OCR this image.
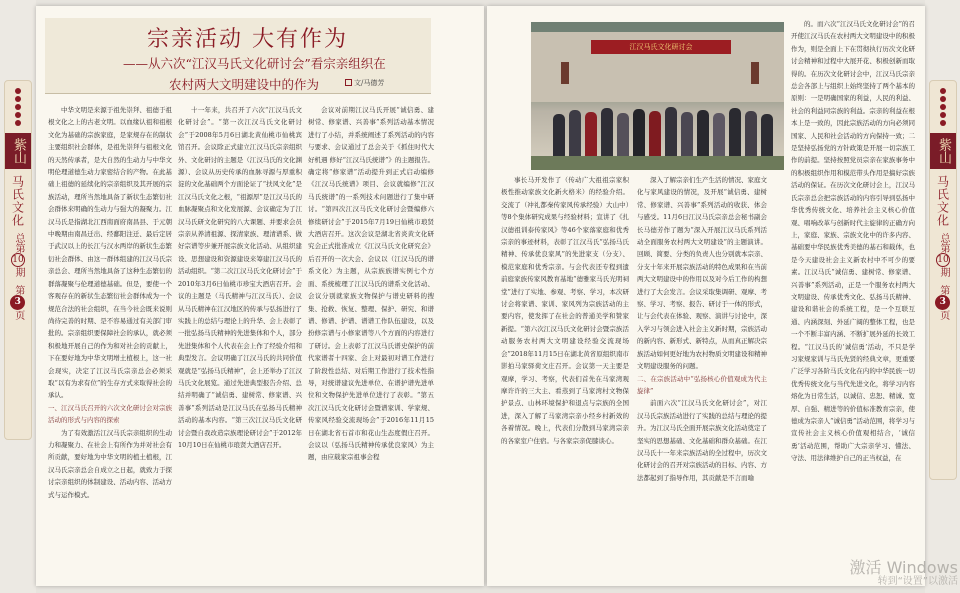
紫山
马氏文化
总第10期
第3页
紫山
马氏文化
总第10期
第3页
宗亲活动 大有作为
——从六次“江汉马氏文化研讨会”看宗亲组织在
农村两大文明建设中的作为	文/马德芳

中华文明是来源于祖先崇拜、祖德于祖根文化之上的古老文明。以血缘认祖和祖根文化为基础的宗族家庭，是家规存在的制状主要组织社会群体，是祖先崇拜与祖根文化的天然传承者，是大自然的生动力与中华文明伦理道德生动力家密结合的产物。在此基础上祖德的延续化的宗亲组织及其开展的宗族活动，理所当然地具备了新状生态繁衍社会群体来明确的生动力与强大的凝聚力。江汉马氏是指湖北江西南面府南昌县、于元朝中晚期由南昌迁出、经鄱阳注迁、最后定居于武汉以上的长江与汉水两岸的新状生态繁衍社会群体、由这一群体组建的江汉马氏宗亲总会、理所当然地具备了这种生态繁衍的群落凝聚与伦理道德基础。但是，要使一个客观存在的新状生态繁衍社会群体成为一个规范合法的社会组织，在当今社会既来说则尚待完善的时期、是不容易通过有关部门审批的。宗亲组织要保障社会的承认，就必须积极地开展自己的作为和对社会的贡献上，下在要好地为中华文明增土植根上，这一社会现实，决定了江汉马氏宗亲总会必须采取“以有为求有位”的生存方式来取得社会的承认。

一、江汉马氏召开的六次文化研讨会对宗族活动的形式与内容的探索

为了有效激活江汉马氏宗亲组织的生动力和凝聚力、在社会上有所作为并对社会有所贡献，要好地为中华文明的植土植根，江汉马氏宗亲总会自成立之日起，就致力于探讨宗亲组织的体制建设、活动内容、活动方式与运作模式。

十一年来，共召开了六次“江汉马氏文化研讨会”。“第一次江汉马氏文化研讨会”于2008年5月6日湖北黄仙桃市仙桃宾馆召开。会议除正式建立江汉马氏宗亲组织外、文化研讨的主题是（江汉马氏的文化渊源）、会议从历史传承的血脉寻源与厚重积淀的文化基础两个方面论证了“扶风文化”是江汉马氏文化之根，“祖源厚”是江汉马氏的血脉凝聚点和文化发展源、会议确定为了江汉马氏研文化研究的八大课题、并要求会员宗亲从养清祖源、探清家族、理清谱系、做好宗谱等步兼开展宗族文化活动、从组织建设、思想建设和资源建设来筹建江汉马氏的活动组织。“第二次江汉马氏文化研讨会”于2010年3月6日仙桃市珍宝大酒店召开。会议的主题是（马氏精神与江汉马氏）、会议从马氏精神在江汉地区的传承与弘扬进行了实践上的总结与理论上的升华、会上表彰了一批弘扬马氏精神的先进集体和个人，部分先进集体和个人代表在会上作了经验介绍和典型发言。会议明确了江汉马氏的共同价值观就是“弘扬马氏精神”，会上还举办了江汉马氏文化展览。通过先进典型报告介绍、总结并明确了“诚信勇、建树常、修家谱、兴善事”系列活动是江汉马氏在弘扬马氏精神活动的基本内容。“第三次江汉马氏文化研讨会暨自我改造宗族理论研讨会”于2012年10月10日在仙桃市琅贤大酒店召开。

会议对前期江汉马氏开展“诚信勇、建树常、修家谱、兴善事”系列活动基本情况进行了小结，并系统阐述了系列活动的内容与要求、会议通过了总会关于《抓住时代大好机遇 修好“江汉马氏统谱”》的主题报告。确定将“修家谱”活动提升到正式启动编修《江汉马氏统谱》项目、会议就编修“江汉马氏统谱”的一系列技术问题进行了集中研讨。“第四次江汉马氏文化研讨会暨编修六修续研讨会”于2015年7月19日仙桃市琅贤大酒店召开。这次会议是湖北省炎黄文化研究会正式批准成立《江汉马氏文化研究会》后召开的一次大会、会议以（江汉马氏的谱系文化）为主题，从宗族族谱实例七个方面、系统梳理了江汉马氏的谱系文化活动、会议分别就家族文物保护与谱史研料的搜集、抢救、恢复、整理、保护、研究、和谱谱、修谱、护谱、谱谱工作队伍建设，以及扮修宗谱与小修家谱等八个方面的内容进行了研讨。会上表彰了江汉马氏谱史保护的前代家谱者十四家、会上对最初对谱工作进行了阶段性总结、对后期工作进行了技术性指导，对统谱建议先进单位、在谱护谱先进单位和文物保护先进单位进行了表彰。“第五次江汉马氏文化研讨会暨谱家训、学家规、传家风经验交流现场会”于2016年11月15日在湖北省石首市和花山生态度假庄召开。会议以（弘扬马氏精神传承优良家风）为主题，由应载家宗祖事会程

江汉马氏文化研讨会

事长马开发作了（传动广大祖祖宗家积极性推动家族文化新火格米）的经验介绍。交流了（冲礼都秦传家风传承经验）大山中）等8个集体研究成果与经验材料；宣讲了《扎汉德祖训泰传家风》等46个家落家庭和优秀宗亲的事迹材料，表彰了江汉马氏“弘扬马氏精神、传承优良家风”的先进家支（分支）、模范家庭和优秀宗亲。与会代表还专程到遗前庭家族传家风教育基地“德雅家马氏光明祠堂”进行了实地、参观、考察、学习，本次研讨会将家谱、家训、家风列为宗族活动的主要内容，使发挥了在社会的普通美学和赞家新提。“第六次江汉马氏文化研讨会暨宗族活动服务农村两大文明建设经验交流现场会”2018年11月15日在湖北黄省原组织南市影拍马家驿荷文庄召开。会议第一天主要是观摩，学习、考察，代表们首先在马家湾观摩许许的三大主、看蒸到了马家湾村文物保护景点、山林环境保护和退点与宗族的全国进，深入了解了马家湾宗亲小经乡村新效的各着情况。晚上，代表们分散到马家湾宗亲的各家室户住宿。与各家宗亲促膝谈心。

深入了解宗亲们生产生活的情况、家庭文化与家风建设的情况，及开展“诚信勇、建树常、修家谱、兴善事”系列活动的收获、体会与感受。11月6日江汉马氏宗亲总会秘书副会长马德芳作了题为“深入开展江汉马氏系列活动全面服务农村两大文明建设”的主题演讲。回顾、简要、分类的负责人也分别就本宗亲、分支十年来开展宗族活动的特色成果和在当前两大文明建设中的作用以及对今后工作的构想进行了大会发言。会议采取集调研、观摩、考察、学习、考察、报告、研讨于一体的形式，让与会代表在体验、观察、演讲与讨论中，深入学习与领会进入社会主义新时期，宗族活动的新内容、新形式、新特点，从而真正解决宗族活动如何更好地为农村物质文明建设和精神文明建设服务的问题。

二、在宗族活动中“弘扬核心价值观成为代主旋律”

前面六次“江汉马氏文化研讨会”，对江汉马氏宗族活动进行了实践的总结与理论的提升。为江汉马氏全面开展宗族文化活动奠定了坚实的思想基础、文化基础和群众基础。在江汉马氏十一年来宗族活动的全过程中，历次文化研讨会的召开对宗族活动的目标、内容、方法都起到了指导作用，其贡献是不言而喻

的。而六次“江汉马氏文化研讨会”的召开使江汉马氏在农村两大文明建设中的积极作为，则是全面上下在贯彻执行历次文化研讨会精神和过程中大展开花、积极创新而取得的。在历次文化研讨会中，江汉马氏宗亲总会各部上与组织上始终坚持了两个基本的原则：一是明确国家的利益，人民的利益、社会的利益同宗族的利益。宗亲的利益在根本上是一致的，因此宗族活动的方向必须同国家、人民和社会活动的方向保持一致；二是坚持弘扬党的方针政策是开展一切宗族工作的前提。坚持按照党员宗亲在家族事务中的积极组织作用和模范带头作用是搞好宗族活动的保证。在历次文化研讨会上，江汉马氏宗亲总会把宗族活动的内容引导到弘扬中华优秀传统文化、培养社会主义核心价值观、唱响改革与创新时代主旋律的正确方向上，家庭、家族、宗族文化中的许多内容、基础要中华民族优秀美德的基石和载体，也是今天建设社会主义新农村中不可少的要素。江汉马氏“诚信勇、建树常、修家谱、兴善事”系列活动，正是一个服务农村两大文明建设、传承优秀文化、弘扬马氏精神、建设和谐社会的系统工程，是一个互联互通、内涵深刻、外延广阔的整体工程，也是一个不断丰富内涵、不断扩展外延的长效工程。“江汉马氏的‘诚信勇’活动，不只是学习家规家训与马氏先贤的经典文章，更重要广泛学习各阶马氏文化在内的中华民族一切优秀传统文化与当代先进文化，将学习内容熔化为日常生活，以诚信、忠恕、精诚、宽厚、自强、精进等的价值标准教育宗亲，使德成为宗亲人“诚信勇”活动范围，将学习与宣传社会主义核心价值观相结合，‘诚信勇’活动范围，帮助广大宗亲学习、懂法、守法、用法律维护自己的正当权益，在

激活 Windows
转到“设置”以激活
